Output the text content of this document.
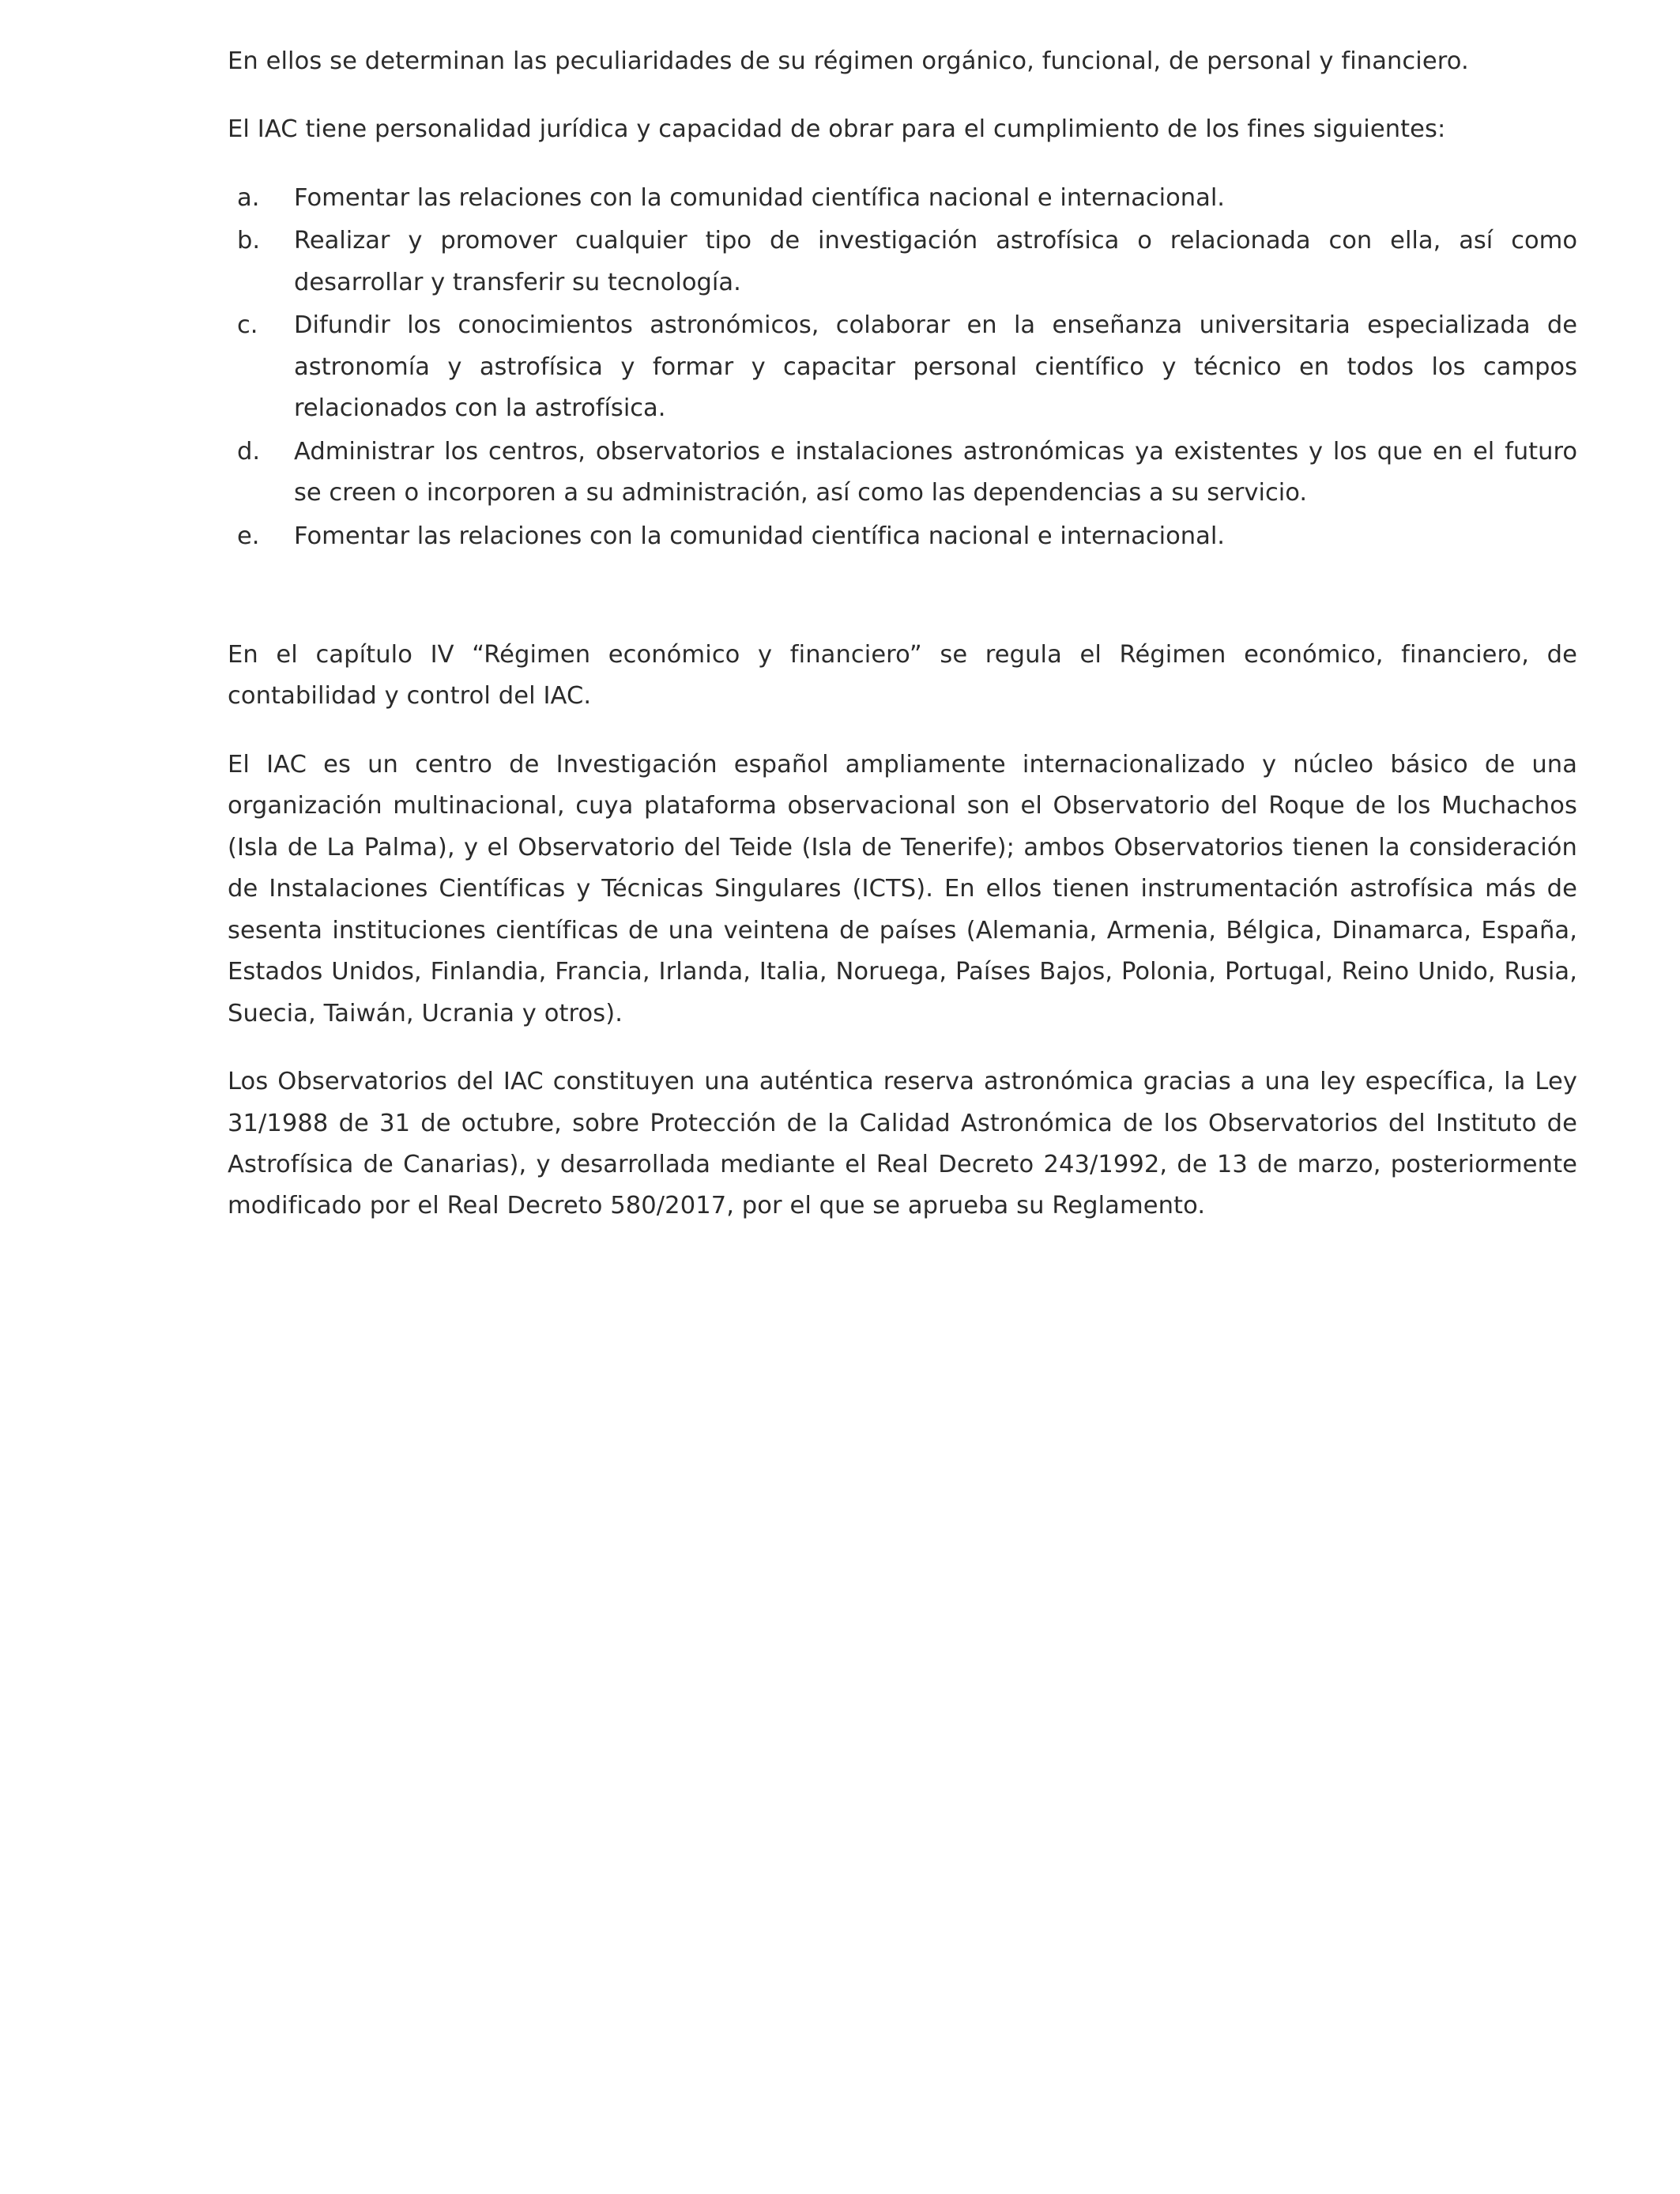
En ellos se determinan las peculiaridades de su régimen orgánico, funcional, de personal y financiero.

El IAC tiene personalidad jurídica y capacidad de obrar para el cumplimiento de los fines siguientes:

a.	Fomentar las relaciones con la comunidad científica nacional e internacional.
b.	Realizar y promover cualquier tipo de investigación astrofísica o relacionada con ella, así como desarrollar y transferir su tecnología.
c.	Difundir los conocimientos astronómicos, colaborar en la enseñanza universitaria especializada de astronomía y astrofísica y formar y capacitar personal científico y técnico en todos los campos relacionados con la astrofísica.
d.	Administrar los centros, observatorios e instalaciones astronómicas ya existentes y los que en el futuro se creen o incorporen a su administración, así como las dependencias a su servicio.
e.	Fomentar las relaciones con la comunidad científica nacional e internacional.

En el capítulo IV “Régimen económico y financiero” se regula el Régimen económico, financiero, de contabilidad y control del IAC.

El IAC es un centro de Investigación español ampliamente internacionalizado y núcleo básico de una organización multinacional, cuya plataforma observacional son el Observatorio del Roque de los Muchachos (Isla de La Palma), y el Observatorio del Teide (Isla de Tenerife); ambos Observatorios tienen la consideración de Instalaciones Científicas y Técnicas Singulares (ICTS). En ellos tienen instrumentación astrofísica más de sesenta instituciones científicas de una veintena de países (Alemania, Armenia, Bélgica, Dinamarca, España, Estados Unidos, Finlandia, Francia, Irlanda, Italia, Noruega, Países Bajos, Polonia, Portugal, Reino Unido, Rusia, Suecia, Taiwán, Ucrania y otros).

Los Observatorios del IAC constituyen una auténtica reserva astronómica gracias a una ley específica, la Ley 31/1988 de 31 de octubre, sobre Protección de la Calidad Astronómica de los Observatorios del Instituto de Astrofísica de Canarias), y desarrollada mediante el Real Decreto 243/1992, de 13 de marzo, posteriormente modificado por el Real Decreto 580/2017, por el que se aprueba su Reglamento.
